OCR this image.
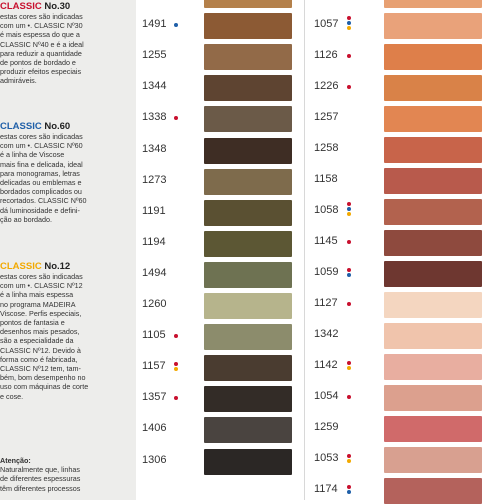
CLASSIC No.30
estas cores são indicadas
com um •. CLASSIC Nº30
é mais espessa do que a
CLASSIC Nº40 e é a ideal
para reduzir a quantidade
de pontos de bordado e
produzir efeitos especiais
admiráveis.
CLASSIC No.60
estas cores são indicadas
com um •. CLASSIC Nº60
é a linha de Viscose
mais fina e delicada, ideal
para monogramas, letras
delicadas ou emblemas e
bordados complicados ou
recortados. CLASSIC Nº60
dá luminosidade e defini-
ção ao bordado.
CLASSIC No.12
estas cores são indicadas
com um •. CLASSIC Nº12
é a linha mais espessa
no programa MADEIRA
Viscose. Perfis especiais,
pontos de fantasia e
desenhos mais pesados,
são a especialidade da
CLASSIC Nº12. Devido à
forma como é fabricada,
CLASSIC Nº12 tem, tam-
bém, bom desempenho no
uso com máquinas de corte
e cose.
Atenção:
Naturalmente que, linhas
de diferentes espessuras
têm diferentes processos
1491
1255
1344
1338
1348
1273
1191
1194
1494
1260
1105
1157
1357
1406
1306
1057
1126
1226
1257
1258
1158
1058
1145
1059
1127
1342
1142
1054
1259
1053
1174
